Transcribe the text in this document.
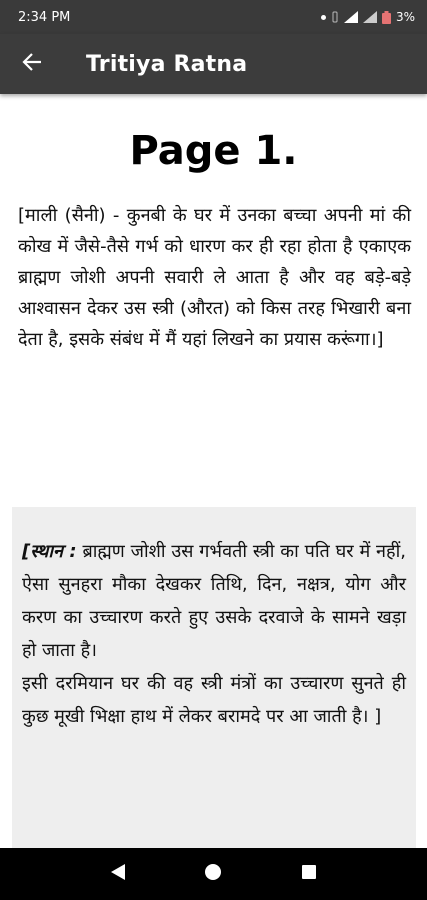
2:34 PM	3%
Tritiya Ratna
Page 1.

[माली (सैनी) - कुनबी के घर में उनका बच्चा अपनी मां की कोख में जैसे-तैसे गर्भ को धारण कर ही रहा होता है एकाएक ब्राह्मण जोशी अपनी सवारी ले आता है और वह बड़े-बड़े आश्वासन देकर उस स्त्री (औरत) को किस तरह भिखारी बना देता है, इसके संबंध में मैं यहां लिखने का प्रयास करूंगा।]

[स्थान : ब्राह्मण जोशी उस गर्भवती स्त्री का पति घर में नहीं, ऐसा सुनहरा मौका देखकर तिथि, दिन, नक्षत्र, योग और करण का उच्चारण करते हुए उसके दरवाजे के सामने खड़ा हो जाता है।

इसी दरमियान घर की वह स्त्री मंत्रों का उच्चारण सुनते ही कुछ मूखी भिक्षा हाथ में लेकर बरामदे पर आ जाती है। ]
